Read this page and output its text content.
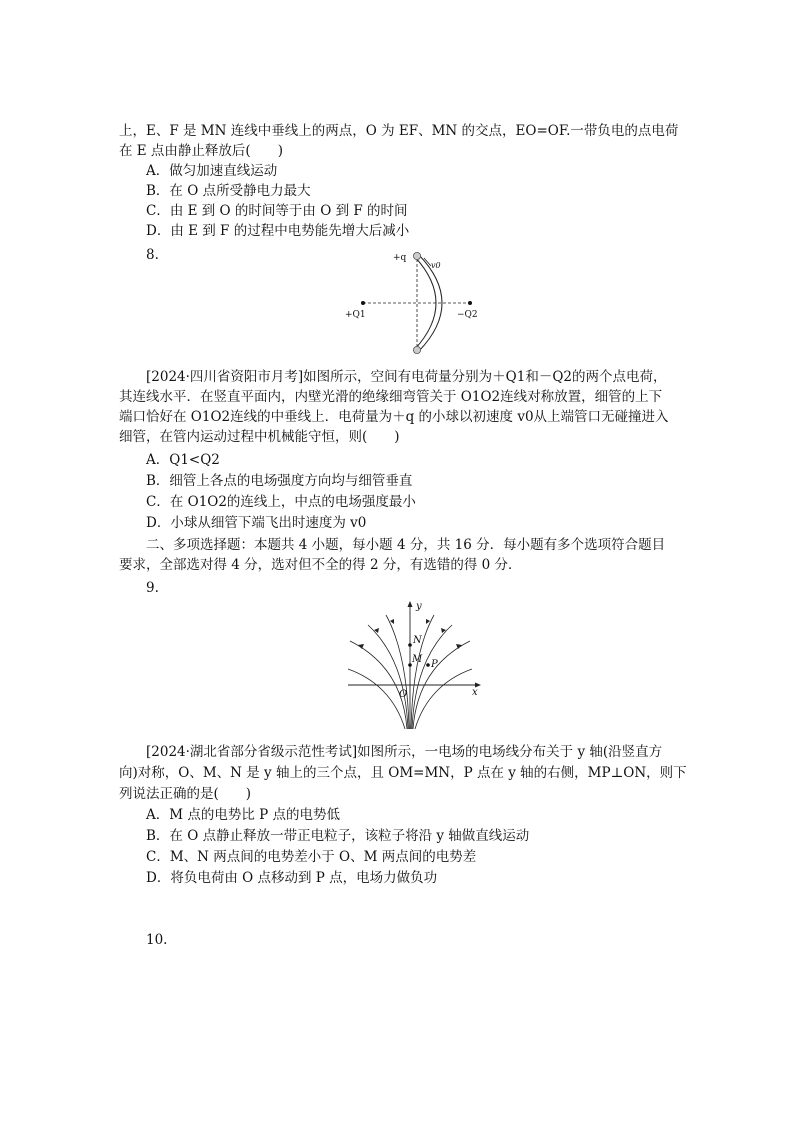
上，E、F 是 MN 连线中垂线上的两点，O 为 EF、MN 的交点，EO=OF.一带负电的点电荷
在 E 点由静止释放后(　　)
A．做匀加速直线运动
B．在 O 点所受静电力最大
C．由 E 到 O 的时间等于由 O 到 F 的时间
D．由 E 到 F 的过程中电势能先增大后减小
8.	+q
v0
+Q1	−Q2
[2024·四川省资阳市月考]如图所示，空间有电荷量分别为＋Q1和－Q2的两个点电荷，
其连线水平．在竖直平面内，内壁光滑的绝缘细弯管关于 O1O2连线对称放置，细管的上下
端口恰好在 O1O2连线的中垂线上．电荷量为＋q 的小球以初速度 v0从上端管口无碰撞进入
细管，在管内运动过程中机械能守恒，则(　　)
A．Q1<Q2
B．细管上各点的电场强度方向均与细管垂直
C．在 O1O2的连线上，中点的电场强度最小
D．小球从细管下端飞出时速度为 v0
二、多项选择题：本题共 4 小题，每小题 4 分，共 16 分．每小题有多个选项符合题目
要求，全部选对得 4 分，选对但不全的得 2 分，有选错的得 0 分．
9.
y
x
O
N
M P
[2024·湖北省部分省级示范性考试]如图所示，一电场的电场线分布关于 y 轴(沿竖直方
向)对称，O、M、N 是 y 轴上的三个点，且 OM=MN，P 点在 y 轴的右侧，MP⊥ON，则下
列说法正确的是(　　)
A．M 点的电势比 P 点的电势低
B．在 O 点静止释放一带正电粒子，该粒子将沿 y 轴做直线运动
C．M、N 两点间的电势差小于 O、M 两点间的电势差
D．将负电荷由 O 点移动到 P 点，电场力做负功
10.
